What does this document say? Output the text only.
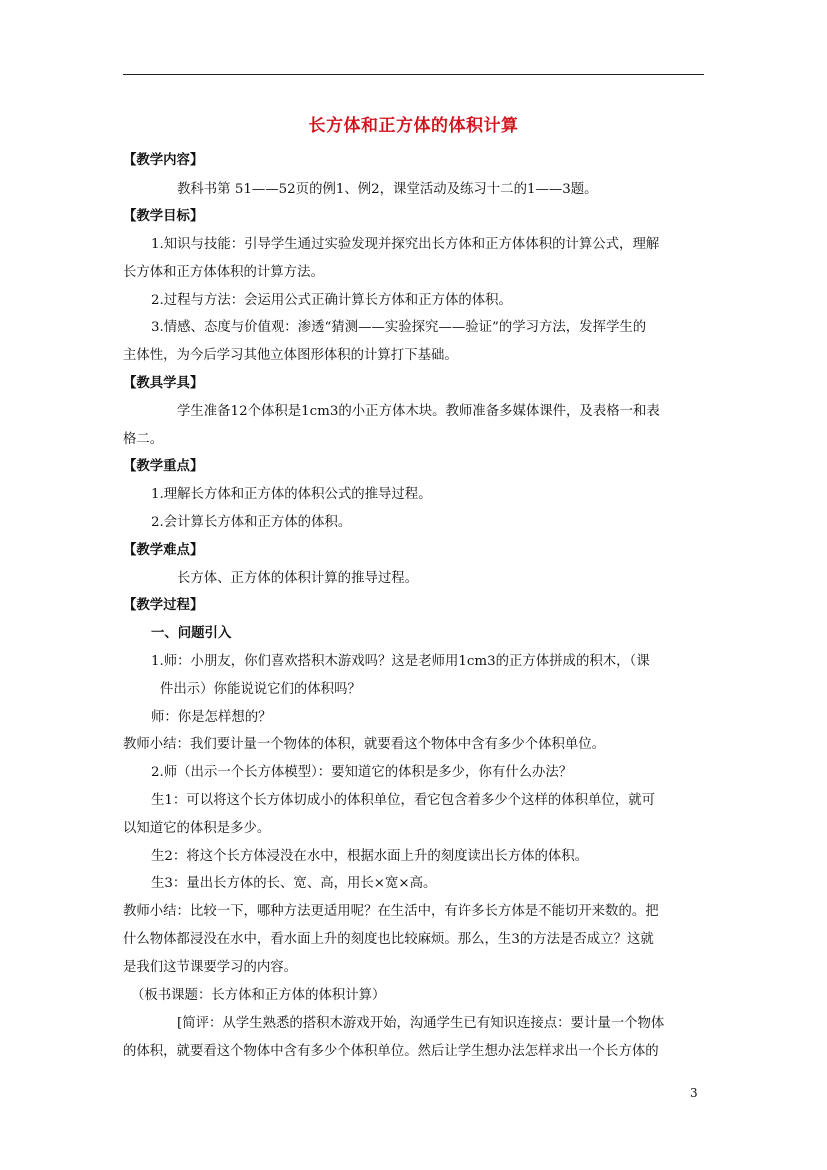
长方体和正方体的体积计算
【教学内容】
教科书第 51——52页的例1、例2，课堂活动及练习十二的1——3题。
【教学目标】
1.知识与技能：引导学生通过实验发现并探究出长方体和正方体体积的计算公式，理解
长方体和正方体体积的计算方法。
2.过程与方法：会运用公式正确计算长方体和正方体的体积。
3.情感、态度与价值观：渗透“猜测——实验探究——验证”的学习方法，发挥学生的
主体性，为今后学习其他立体图形体积的计算打下基础。
【教具学具】
学生准备12个体积是1cm3的小正方体木块。教师准备多媒体课件，及表格一和表
格二。
【教学重点】
1.理解长方体和正方体的体积公式的推导过程。
2.会计算长方体和正方体的体积。
【教学难点】
长方体、正方体的体积计算的推导过程。
【教学过程】
一、问题引入
1.师：小朋友，你们喜欢搭积木游戏吗？这是老师用1cm3的正方体拼成的积木，（课
件出示）你能说说它们的体积吗？
师：你是怎样想的？
教师小结：我们要计量一个物体的体积，就要看这个物体中含有多少个体积单位。
2.师（出示一个长方体模型）：要知道它的体积是多少，你有什么办法？
生1：可以将这个长方体切成小的体积单位，看它包含着多少个这样的体积单位，就可
以知道它的体积是多少。
生2：将这个长方体浸没在水中，根据水面上升的刻度读出长方体的体积。
生3：量出长方体的长、宽、高，用长×宽×高。
教师小结：比较一下，哪种方法更适用呢？在生活中，有许多长方体是不能切开来数的。把
什么物体都浸没在水中，看水面上升的刻度也比较麻烦。那么，生3的方法是否成立？这就
是我们这节课要学习的内容。
（板书课题：长方体和正方体的体积计算）
[简评：从学生熟悉的搭积木游戏开始，沟通学生已有知识连接点：要计量一个物体
的体积，就要看这个物体中含有多少个体积单位。然后让学生想办法怎样求出一个长方体的
3
